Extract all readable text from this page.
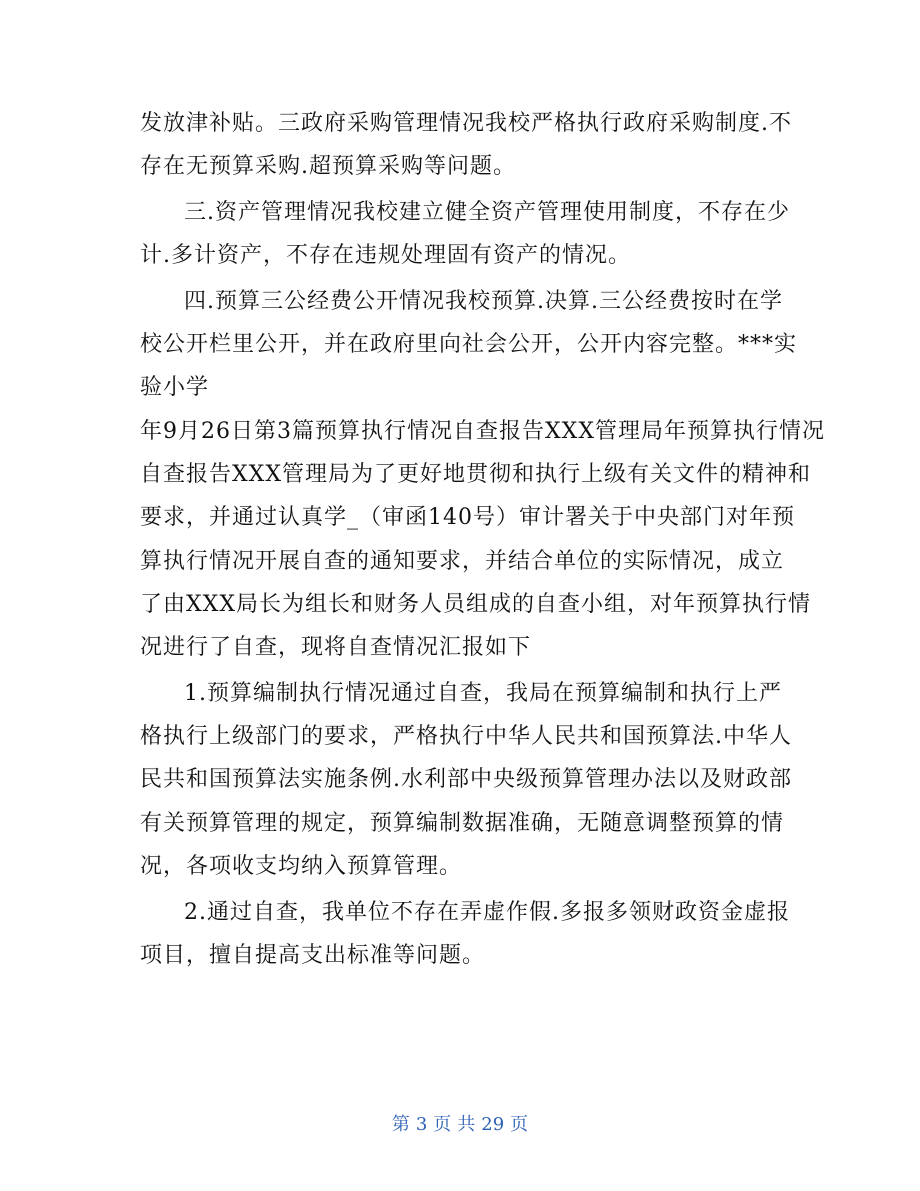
发放津补贴。三政府采购管理情况我校严格执行政府采购制度.不
存在无预算采购.超预算采购等问题。
三.资产管理情况我校建立健全资产管理使用制度，不存在少
计.多计资产，不存在违规处理固有资产的情况。
四.预算三公经费公开情况我校预算.决算.三公经费按时在学
校公开栏里公开，并在政府里向社会公开，公开内容完整。***实
验小学
年9月26日第3篇预算执行情况自查报告XXX管理局年预算执行情况
自查报告XXX管理局为了更好地贯彻和执行上级有关文件的精神和
要求，并通过认真学_（审函140号）审计署关于中央部门对年预
算执行情况开展自查的通知要求，并结合单位的实际情况，成立
了由XXX局长为组长和财务人员组成的自查小组，对年预算执行情
况进行了自查，现将自查情况汇报如下
1.预算编制执行情况通过自查，我局在预算编制和执行上严
格执行上级部门的要求，严格执行中华人民共和国预算法.中华人
民共和国预算法实施条例.水利部中央级预算管理办法以及财政部
有关预算管理的规定，预算编制数据准确，无随意调整预算的情
况，各项收支均纳入预算管理。
2.通过自查，我单位不存在弄虚作假.多报多领财政资金虚报
项目，擅自提高支出标准等问题。
第 3 页 共 29 页
